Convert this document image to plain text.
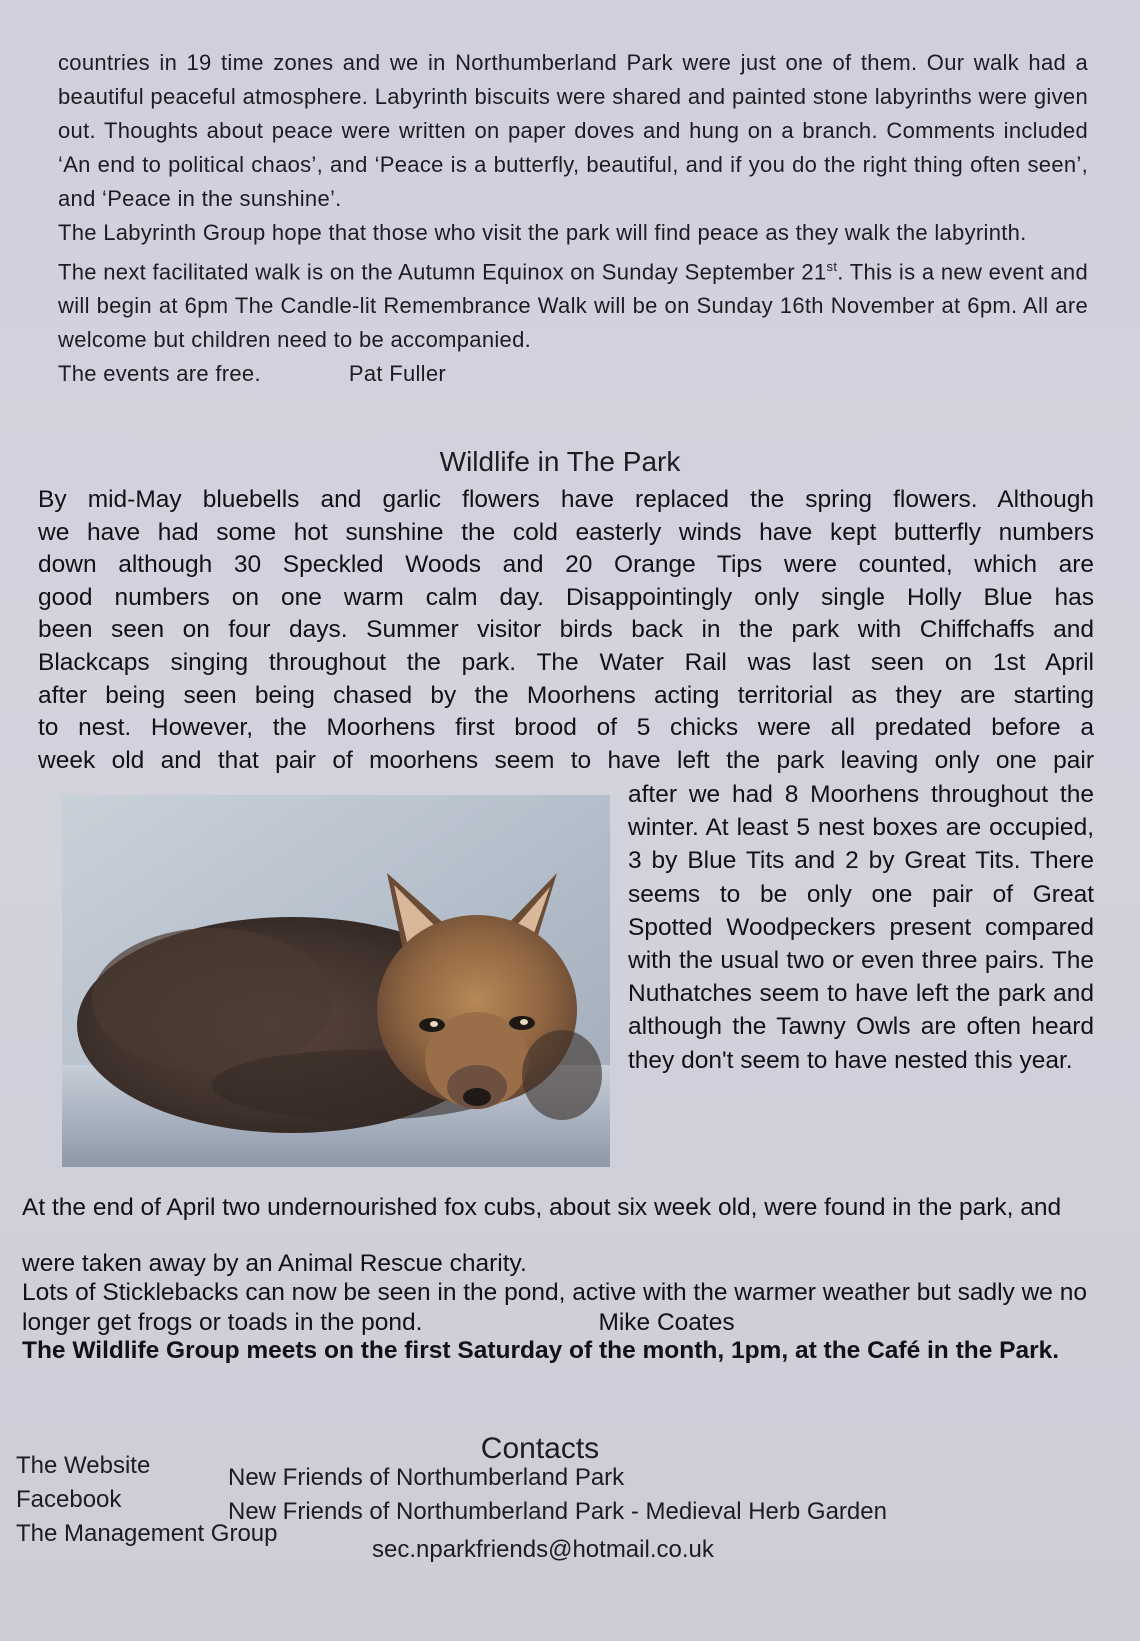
countries in 19 time zones and we in Northumberland Park were just one of them. Our walk had a beautiful peaceful atmosphere. Labyrinth biscuits were shared and painted stone labyrinths were given out. Thoughts about peace were written on paper doves and hung on a branch. Comments included ‘An end to political chaos’, and ‘Peace is a butterfly, beautiful, and if you do the right thing often seen’, and ‘Peace in the sunshine’.

The Labyrinth Group hope that those who visit the park will find peace as they walk the labyrinth.

The next facilitated walk is on the Autumn Equinox on Sunday September 21st. This is a new event and will begin at 6pm The Candle-lit Remembrance Walk will be on Sunday 16th November at 6pm. All are welcome but children need to be accompanied.

The events are free.	Pat Fuller
Wildlife in The Park

By mid-May bluebells and garlic flowers have replaced the spring flowers. Although

we have had some hot sunshine the cold easterly winds have kept butterfly numbers

down although 30 Speckled Woods and 20 Orange Tips were counted, which are

good numbers on one warm calm day. Disappointingly only single Holly Blue has

been seen on four days. Summer visitor birds back in the park with Chiffchaffs and

Blackcaps singing throughout the park. The Water Rail was last seen on 1st April

after being seen being chased by the Moorhens acting territorial as they are starting

to nest. However, the Moorhens first brood of 5 chicks were all predated before a

week old and that pair of moorhens seem to have left the park leaving only one pair

after we had 8 Moorhens throughout the winter. At least 5 nest boxes are occupied, 3 by Blue Tits and 2 by Great Tits. There seems to be only one pair of Great Spotted Woodpeckers present compared with the usual two or even three pairs. The Nuthatches seem to have left the park and although the Tawny Owls are often heard they don't seem to have nested this year.

At the end of April two undernourished fox cubs, about six week old, were found in the park, and were taken away by an Animal Rescue charity.

Lots of Sticklebacks can now be seen in the pond, active with the warmer weather but sadly we no longer get frogs or toads in the pond.	Mike Coates

The Wildlife Group meets on the first Saturday of the month, 1pm, at the Café in the Park.

Contacts
The Website	New Friends of Northumberland Park
Facebook	New Friends of Northumberland Park - Medieval Herb Garden
The Management Group
sec.nparkfriends@hotmail.co.uk
